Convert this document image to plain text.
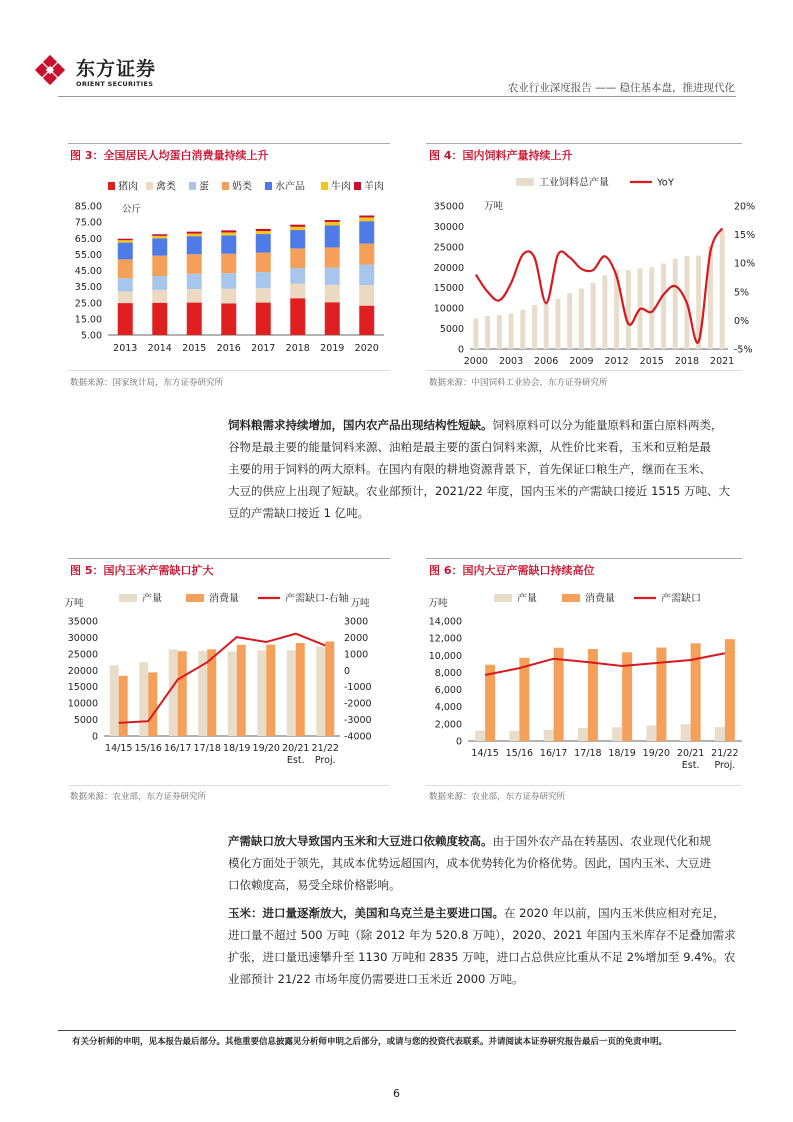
东方证券
ORIENT SECURITIES	农业行业深度报告 —— 稳住基本盘，推进现代化
图 3：全国居民人均蛋白消费量持续上升
猪肉 禽类 蛋 奶类 水产品	牛肉 羊肉
5.00
15.00
25.00
35.00
45.00
55.00
65.00
75.00
85.00 公斤
2013 2014 2015 2016 2017 2018 2019 2020
数据来源：国家统计局，东方证券研究所
图 4：国内饲料产量持续上升
工业饲料总产量	YoY
0
5000
10000
15000
20000
25000
30000
35000
-5%
0%
5%
10%
15%
20%
万吨
2000 2003 2006 2009 2012 2015 2018 2021
数据来源：中国饲料工业协会，东方证券研究所
饲料粮需求持续增加，国内农产品出现结构性短缺。饲料原料可以分为能量原料和蛋白原料两类，
谷物是最主要的能量饲料来源、油粕是最主要的蛋白饲料来源，从性价比来看，玉米和豆粕是最
主要的用于饲料的两大原料。在国内有限的耕地资源背景下，首先保证口粮生产，继而在玉米、
大豆的供应上出现了短缺。农业部预计，2021/22 年度，国内玉米的产需缺口接近 1515 万吨、大
豆的产需缺口接近 1 亿吨。
图 5：国内玉米产需缺口扩大
产量	消费量	产需缺口-右轴
万吨	万吨
0
5000
10000
15000
20000
25000
30000
35000
-4000
-3000
-2000
-1000
0
1000
2000
3000
14/15 15/16 16/17 17/18 18/19 19/20 20/21
Est.
21/22
Proj.
数据来源：农业部，东方证券研究所
图 6：国内大豆产需缺口持续高位
产量	消费量	产需缺口
万吨
0
2,000
4,000
6,000
8,000
10,000
12,000
14,000
14/15 15/16 16/17 17/18 18/19 19/20 20/21
Est.
21/22
Proj.
数据来源：农业部，东方证券研究所
产需缺口放大导致国内玉米和大豆进口依赖度较高。由于国外农产品在转基因、农业现代化和规
模化方面处于领先，其成本优势远超国内，成本优势转化为价格优势。因此，国内玉米、大豆进
口依赖度高，易受全球价格影响。
玉米：进口量逐渐放大，美国和乌克兰是主要进口国。在 2020 年以前，国内玉米供应相对充足，
进口量不超过 500 万吨（除 2012 年为 520.8 万吨），2020、2021 年国内玉米库存不足叠加需求
扩张，进口量迅速攀升至 1130 万吨和 2835 万吨，进口占总供应比重从不足 2%增加至 9.4%。农
业部预计 21/22 市场年度仍需要进口玉米近 2000 万吨。
有关分析师的申明，见本报告最后部分。其他重要信息披露见分析师申明之后部分，或请与您的投资代表联系。并请阅读本证券研究报告最后一页的免责申明。
6
